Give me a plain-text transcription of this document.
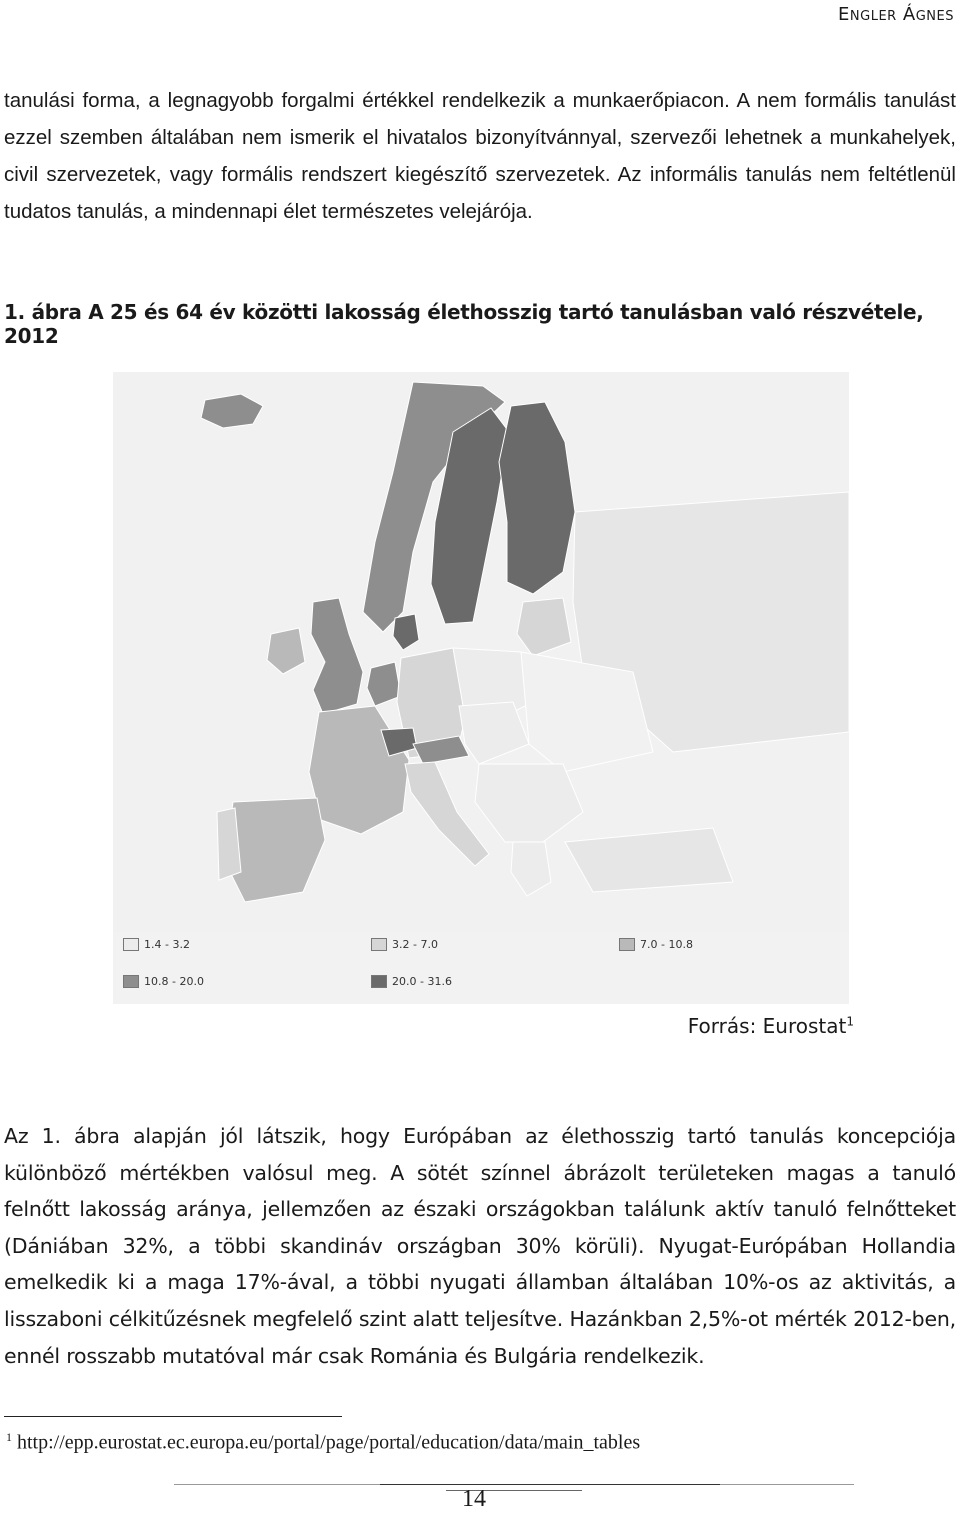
Engler Ágnes
tanulási forma, a legnagyobb forgalmi értékkel rendelkezik a munkaerőpiacon. A nem formális tanulást ezzel szemben általában nem ismerik el hivatalos bizonyítvánnyal, szervezői lehetnek a munkahelyek, civil szervezetek, vagy formális rendszert kiegészítő szervezetek. Az informális tanulás nem feltétlenül tudatos tanulás, a mindennapi élet természetes velejárója.
1. ábra A 25 és 64 év közötti lakosság élethosszig tartó tanulásban való részvétele, 2012
1.4 - 3.2	3.2 - 7.0	7.0 - 10.8
10.8 - 20.0	20.0 - 31.6
Forrás: Eurostat$^1$
Az 1. ábra alapján jól látszik, hogy Európában az élethosszig tartó tanulás koncepciója különböző mértékben valósul meg. A sötét színnel ábrázolt területeken magas a tanuló felnőtt lakosság aránya, jellemzően az északi országokban találunk aktív tanuló felnőtteket (Dániában 32%, a többi skandináv országban 30% körüli). Nyugat-Európában Hollandia emelkedik ki a maga 17%-ával, a többi nyugati államban általában 10%-os az aktivitás, a lisszaboni célkitűzésnek megfelelő szint alatt teljesítve. Hazánkban 2,5%-ot mérték 2012-ben, ennél rosszabb mutatóval már csak Románia és Bulgária rendelkezik.
$^1$ http://epp.eurostat.ec.europa.eu/portal/page/portal/education/data/main_tables
14
